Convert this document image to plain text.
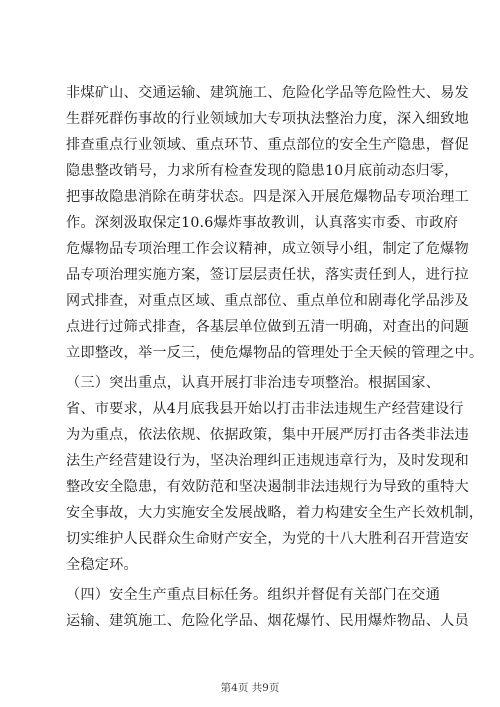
非煤矿山、交通运输、建筑施工、危险化学品等危险性大、易发
生群死群伤事故的行业领域加大专项执法整治力度，深入细致地
排查重点行业领域、重点环节、重点部位的安全生产隐患，督促
隐患整改销号，力求所有检查发现的隐患10月底前动态归零，
把事故隐患消除在萌芽状态。四是深入开展危爆物品专项治理工
作。深刻汲取保定10.6爆炸事故教训，认真落实市委、市政府
危爆物品专项治理工作会议精神，成立领导小组，制定了危爆物
品专项治理实施方案，签订层层责任状，落实责任到人，进行拉
网式排查，对重点区域、重点部位、重点单位和剧毒化学品涉及
点进行过筛式排查，各基层单位做到五清一明确，对查出的问题
立即整改，举一反三，使危爆物品的管理处于全天候的管理之中。
（三）突出重点，认真开展打非治违专项整治。根据国家、
省、市要求，从4月底我县开始以打击非法违规生产经营建设行
为为重点，依法依规、依据政策，集中开展严厉打击各类非法违
法生产经营建设行为，坚决治理纠正违规违章行为，及时发现和
整改安全隐患，有效防范和坚决遏制非法违规行为导致的重特大
安全事故，大力实施安全发展战略，着力构建安全生产长效机制，
切实维护人民群众生命财产安全，为党的十八大胜利召开营造安
全稳定环。
（四）安全生产重点目标任务。组织并督促有关部门在交通
运输、建筑施工、危险化学品、烟花爆竹、民用爆炸物品、人员
第4页 共9页
